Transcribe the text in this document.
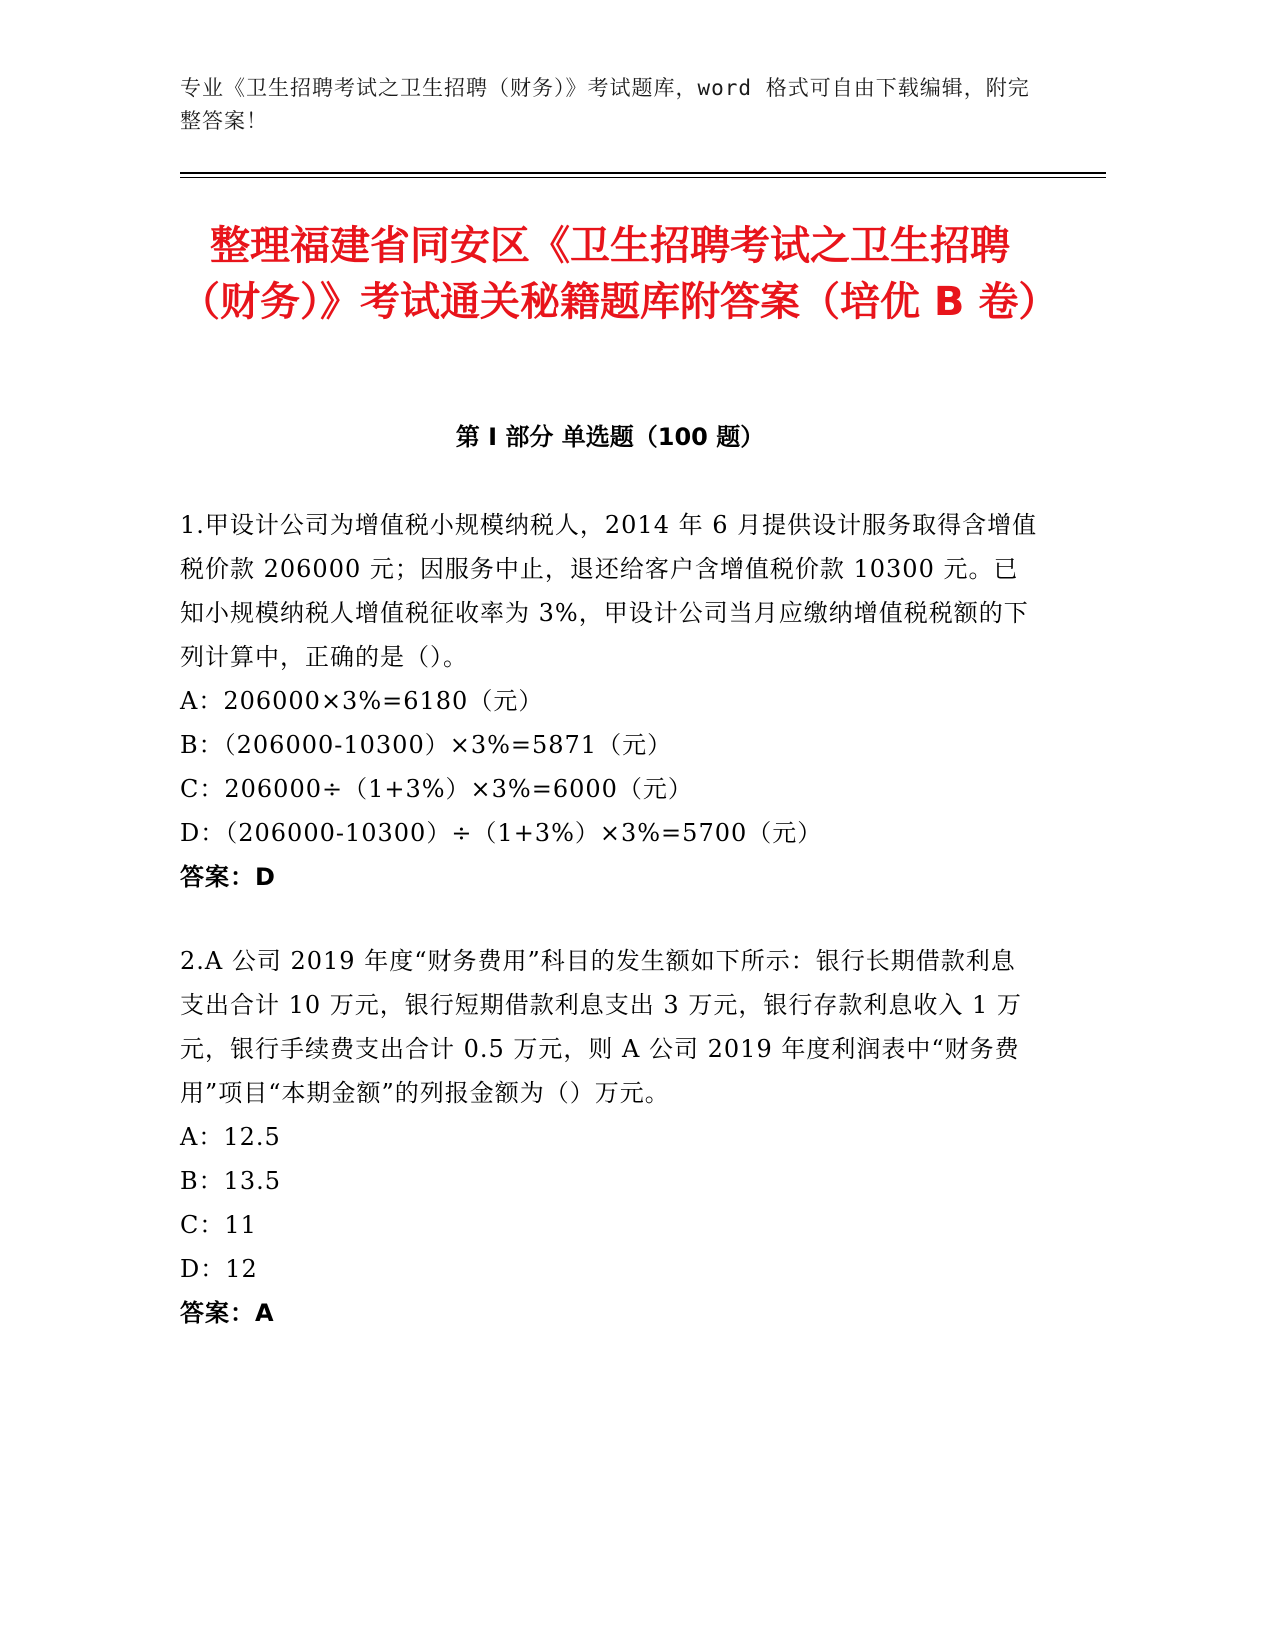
专业《卫生招聘考试之卫生招聘（财务）》考试题库，word 格式可自由下载编辑，附完整答案！
整理福建省同安区《卫生招聘考试之卫生招聘（财务）》考试通关秘籍题库附答案（培优 B 卷）
第 I 部分 单选题（100 题）

1.甲设计公司为增值税小规模纳税人，2014 年 6 月提供设计服务取得含增值税价款 206000 元；因服务中止，退还给客户含增值税价款 10300 元。已知小规模纳税人增值税征收率为 3%，甲设计公司当月应缴纳增值税税额的下列计算中，正确的是（）。

A：206000×3%=6180（元）

B：（206000-10300）×3%=5871（元）

C：206000÷（1+3%）×3%=6000（元）

D：（206000-10300）÷（1+3%）×3%=5700（元）

答案：D

2.A 公司 2019 年度“财务费用”科目的发生额如下所示：银行长期借款利息支出合计 10 万元，银行短期借款利息支出 3 万元，银行存款利息收入 1 万元，银行手续费支出合计 0.5 万元，则 A 公司 2019 年度利润表中“财务费用”项目“本期金额”的列报金额为（）万元。

A：12.5

B：13.5

C：11

D：12

答案：A
